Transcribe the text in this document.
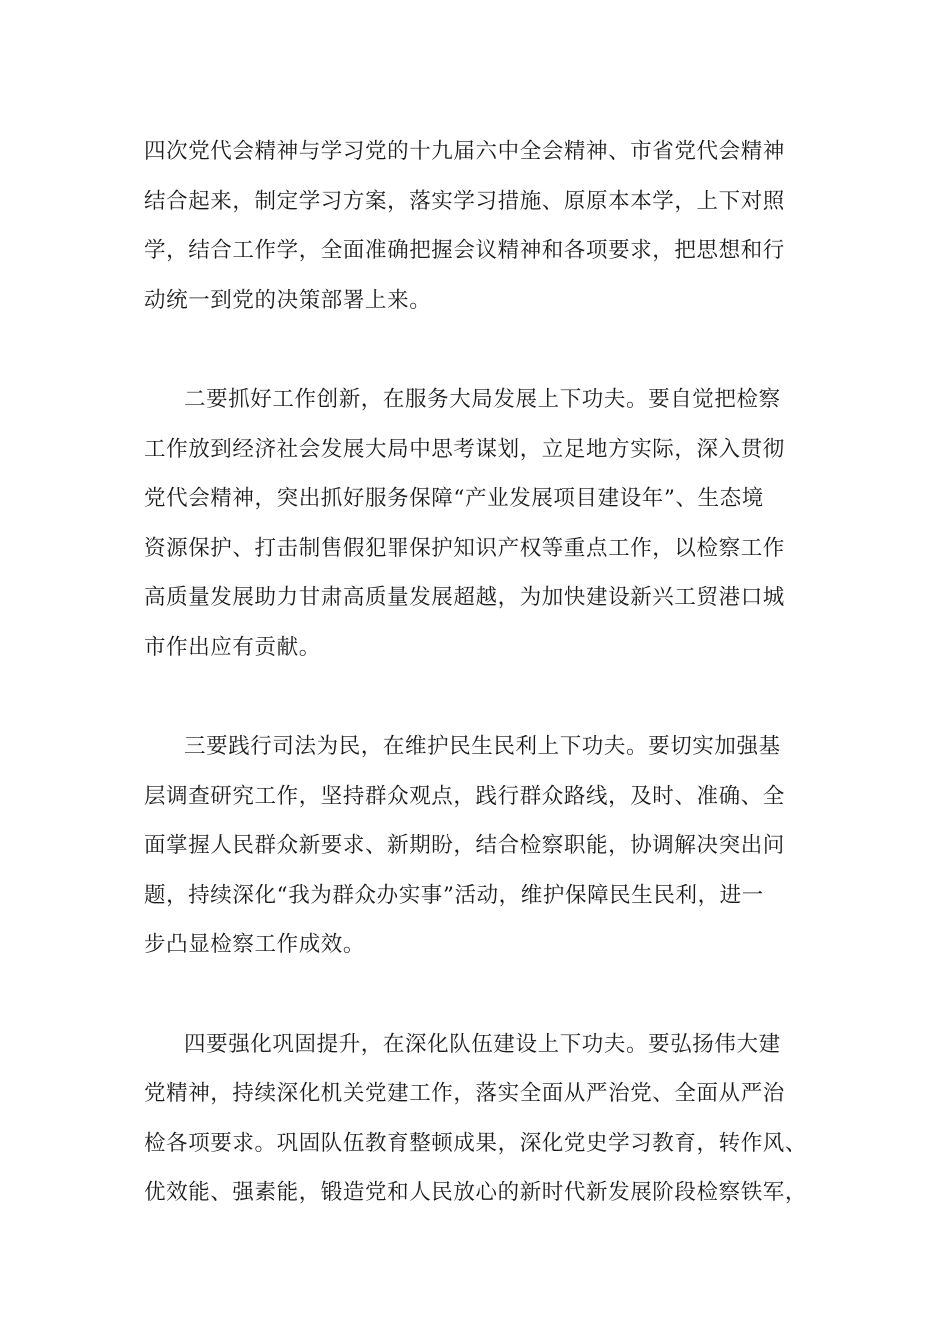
四次党代会精神与学习党的十九届六中全会精神、市省党代会精神
结合起来，制定学习方案，落实学习措施、原原本本学，上下对照
学，结合工作学，全面准确把握会议精神和各项要求，把思想和行
动统一到党的决策部署上来。
二要抓好工作创新，在服务大局发展上下功夫。要自觉把检察
工作放到经济社会发展大局中思考谋划，立足地方实际，深入贯彻
党代会精神，突出抓好服务保障“产业发展项目建设年”、生态境
资源保护、打击制售假犯罪保护知识产权等重点工作，以检察工作
高质量发展助力甘肃高质量发展超越，为加快建设新兴工贸港口城
市作出应有贡献。
三要践行司法为民，在维护民生民利上下功夫。要切实加强基
层调查研究工作，坚持群众观点，践行群众路线，及时、准确、全
面掌握人民群众新要求、新期盼，结合检察职能，协调解决突出问
题，持续深化“我为群众办实事”活动，维护保障民生民利，进一
步凸显检察工作成效。
四要强化巩固提升，在深化队伍建设上下功夫。要弘扬伟大建
党精神，持续深化机关党建工作，落实全面从严治党、全面从严治
检各项要求。巩固队伍教育整顿成果，深化党史学习教育，转作风、
优效能、强素能，锻造党和人民放心的新时代新发展阶段检察铁军，
